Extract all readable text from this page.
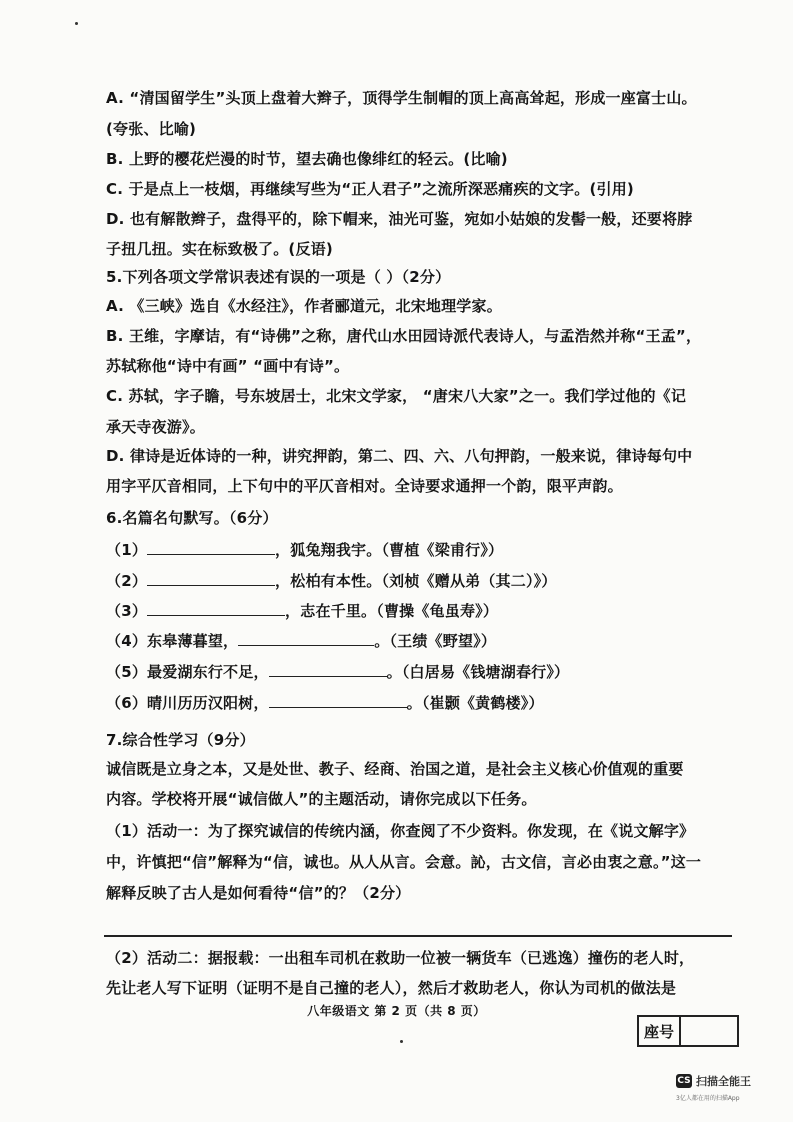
A. “清国留学生”头顶上盘着大辫子，顶得学生制帽的顶上高高耸起，形成一座富士山。
(夸张、比喻)
B. 上野的樱花烂漫的时节，望去确也像绯红的轻云。(比喻)
C. 于是点上一枝烟，再继续写些为“正人君子”之流所深恶痛疾的文字。(引用)
D. 也有解散辫子，盘得平的，除下帽来，油光可鉴，宛如小姑娘的发髻一般，还要将脖
子扭几扭。实在标致极了。(反语)
5.下列各项文学常识表述有误的一项是（ ）（2分）
A. 《三峡》选自《水经注》，作者郦道元，北宋地理学家。
B. 王维，字摩诘，有“诗佛”之称，唐代山水田园诗派代表诗人，与孟浩然并称“王孟”，
苏轼称他“诗中有画” “画中有诗”。
C. 苏轼，字子瞻，号东坡居士，北宋文学家， “唐宋八大家”之一。我们学过他的《记
承天寺夜游》。
D. 律诗是近体诗的一种，讲究押韵，第二、四、六、八句押韵，一般来说，律诗每句中
用字平仄音相同，上下句中的平仄音相对。全诗要求通押一个韵，限平声韵。
6.名篇名句默写。（6分）
（1）	，狐兔翔我宇。（曹植《梁甫行》）
（2）	，松柏有本性。（刘桢《赠从弟（其二）》）
（3）	，志在千里。（曹操《龟虽寿》）
（4）东皋薄暮望，	。（王绩《野望》）
（5）最爱湖东行不足，	。（白居易《钱塘湖春行》）
（6）晴川历历汉阳树，	。（崔颢《黄鹤楼》）
7.综合性学习（9分）
诚信既是立身之本，又是处世、教子、经商、治国之道，是社会主义核心价值观的重要
内容。学校将开展“诚信做人”的主题活动，请你完成以下任务。
（1）活动一：为了探究诚信的传统内涵，你查阅了不少资料。你发现，在《说文解字》
中，许慎把“信”解释为“信，诚也。从人从言。会意。訫，古文信，言必由衷之意。”这一
解释反映了古人是如何看待“信”的？（2分）
（2）活动二：据报载：一出租车司机在救助一位被一辆货车（已逃逸）撞伤的老人时，
先让老人写下证明（证明不是自己撞的老人），然后才救助老人，你认为司机的做法是
八年级语文 第 2 页（共 8 页）
座号
CS 扫描全能王
3亿人都在用的扫描App
